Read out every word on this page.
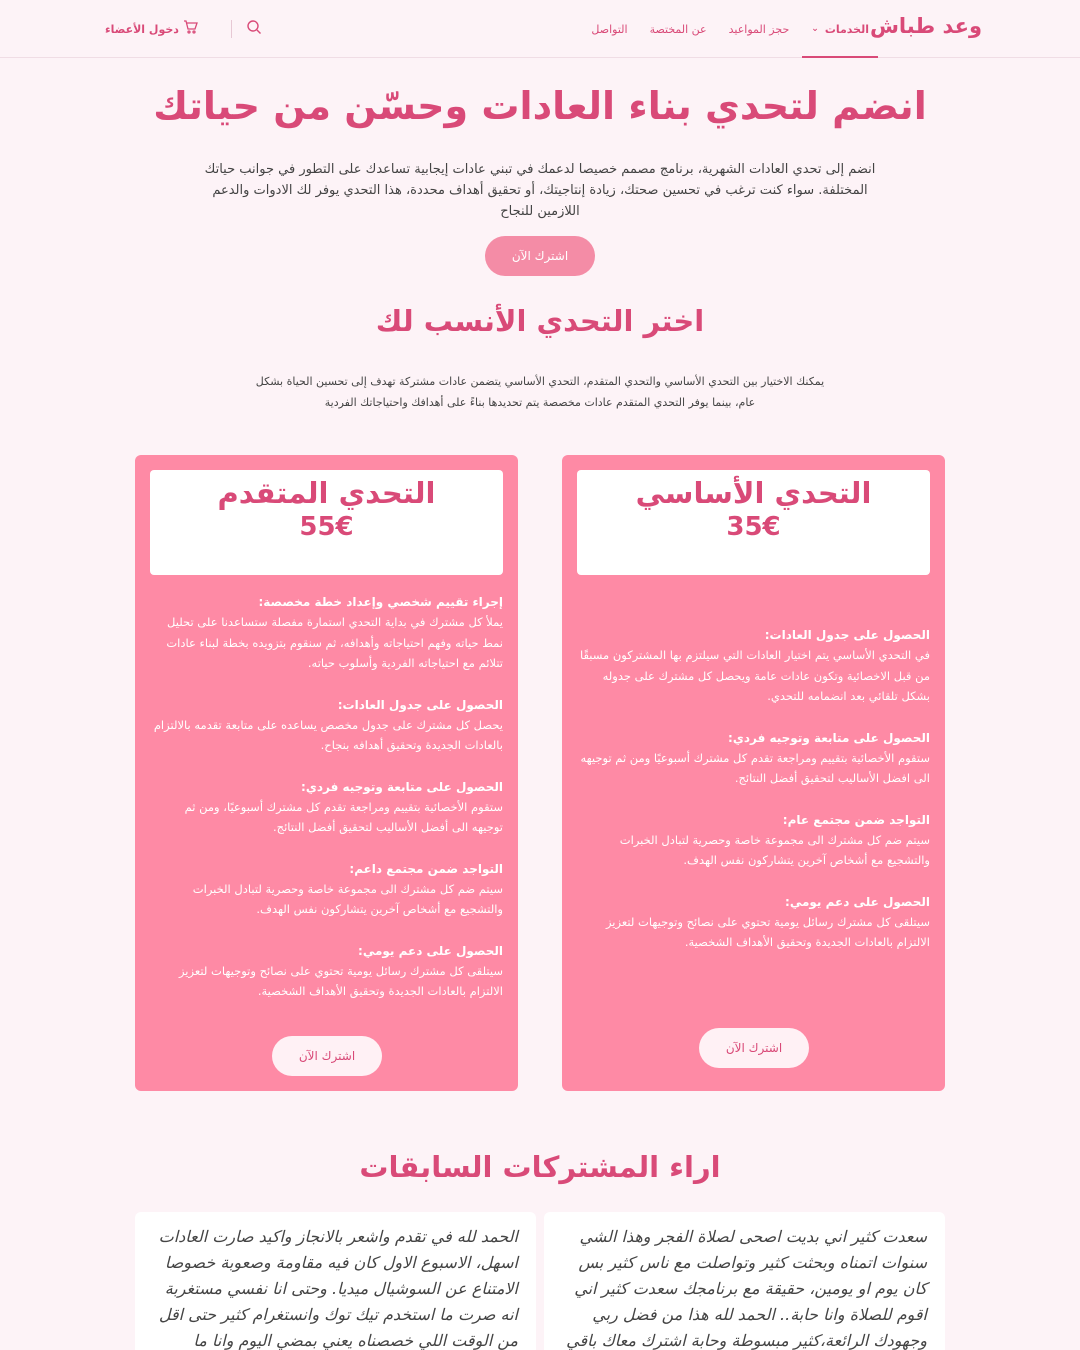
وعد طباش
الخدمات
⌄
حجز المواعيد
عن المختصة
التواصل
دخول الأعضاء
انضم لتحدي بناء العادات وحسّن من حياتك

انضم إلى تحدي العادات الشهرية، برنامج مصمم خصيصا لدعمك في تبني عادات إيجابية تساعدك على التطور في جوانب حياتك المختلفة. سواء كنت ترغب في تحسين صحتك، زيادة إنتاجيتك، أو تحقيق أهداف محددة، هذا التحدي يوفر لك الادوات والدعم اللازمين للنجاح

اشترك الآن
اختر التحدي الأنسب لك

يمكنك الاختيار بين التحدي الأساسي والتحدي المتقدم، التحدي الأساسي يتضمن عادات مشتركة تهدف إلى تحسين الحياة بشكل عام، بينما يوفر التحدي المتقدم عادات مخصصة يتم تحديدها بناءً على أهدافك واحتياجاتك الفردية

التحدي الأساسي
35€
الحصول على جدول العادات:
في التحدي الأساسي يتم اختيار العادات التي سيلتزم بها المشتركون مسبقًا من قبل الاخصائية وتكون عادات عامة ويحصل كل مشترك على جدوله بشكل تلقائي بعد انضمامه للتحدي.
الحصول على متابعة وتوجيه فردي:
ستقوم الأخصائية بتقييم ومراجعة تقدم كل مشترك أسبوعيًا ومن ثم توجيهه الى افضل الأساليب لتحقيق أفضل النتائج.
التواجد ضمن مجتمع عام:
سيتم ضم كل مشترك الى مجموعة خاصة وحصرية لتبادل الخبرات والتشجيع مع أشخاص آخرين يتشاركون نفس الهدف.
الحصول على دعم يومي:
سيتلقى كل مشترك رسائل يومية تحتوي على نصائح وتوجيهات لتعزيز الالتزام بالعادات الجديدة وتحقيق الأهداف الشخصية.
اشترك الآن
التحدي المتقدم
55€
إجراء تقييم شخصي وإعداد خطة مخصصة:
يملأ كل مشترك في بداية التحدي استمارة مفصلة ستساعدنا على تحليل نمط حياته وفهم احتياجاته وأهدافه، ثم سنقوم بتزويده بخطة لبناء عادات تتلائم مع احتياجاته الفردية وأسلوب حياته.
الحصول على جدول العادات:
يحصل كل مشترك على جدول مخصص يساعده على متابعة تقدمه بالالتزام بالعادات الجديدة وتحقيق أهدافه بنجاح.
الحصول على متابعة وتوجيه فردي:
ستقوم الأخصائية بتقييم ومراجعة تقدم كل مشترك أسبوعيًا، ومن ثم توجيهه الى أفضل الأساليب لتحقيق أفضل النتائج.
التواجد ضمن مجتمع داعم:
سيتم ضم كل مشترك الى مجموعة خاصة وحصرية لتبادل الخبرات والتشجيع مع أشخاص آخرين يتشاركون نفس الهدف.
الحصول على دعم يومي:
سيتلقى كل مشترك رسائل يومية تحتوي على نصائح وتوجيهات لتعزيز الالتزام بالعادات الجديدة وتحقيق الأهداف الشخصية.
اشترك الآن
اراء المشتركات السابقات

سعدت كثير اني بديت اصحى لصلاة الفجر وهذا الشي سنوات اتمناه وبحثت كثير وتواصلت مع ناس كثير بس كان يوم او يومين، حقيقة مع برنامجك سعدت كثير اني اقوم للصلاة وانا حابة.. الحمد لله هذا من فضل ربي وجهودك الرائعة،كثير مبسوطة وحابة اشترك معاك باقي

الحمد لله في تقدم واشعر بالانجاز واكيد صارت العادات اسهل، الاسبوع الاول كان فيه مقاومة وصعوبة خصوصا الامتناع عن السوشيال ميديا. وحتى انا نفسي مستغربة انه صرت ما استخدم تيك توك وانستغرام كثير حتى اقل من الوقت اللي خصصناه يعني بمضي اليوم وانا ما
